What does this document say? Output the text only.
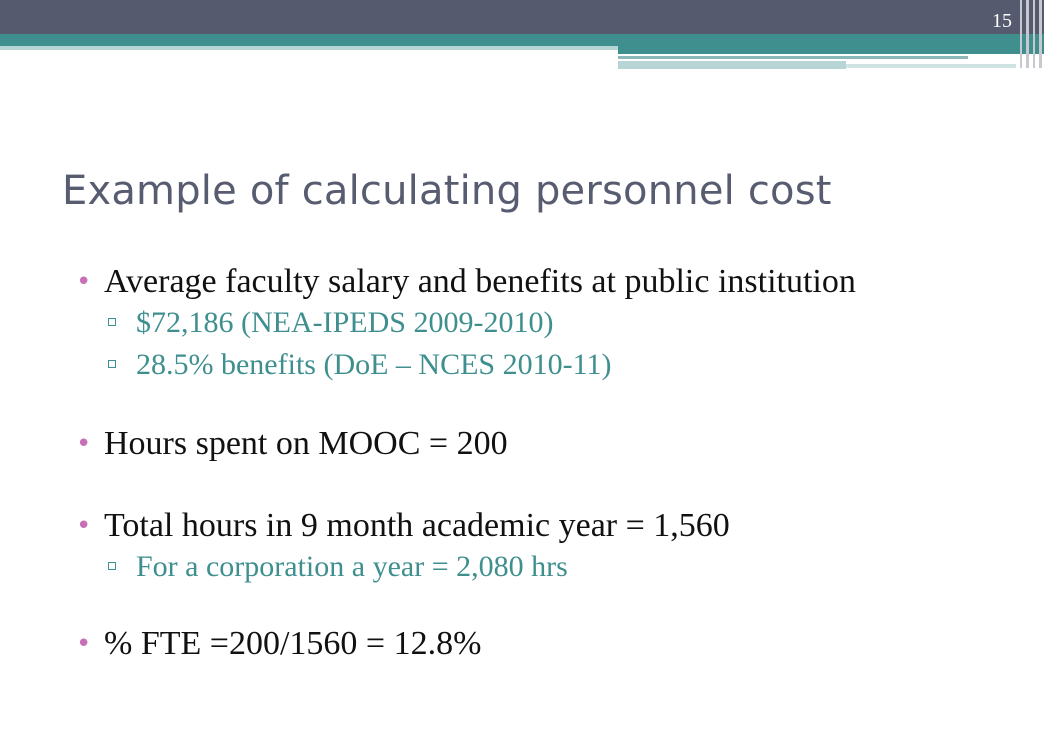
15
Example of calculating personnel cost
• Average faculty salary and benefits at public institution
$72,186 (NEA-IPEDS 2009-2010)
28.5% benefits (DoE – NCES 2010-11)
• Hours spent on MOOC = 200
• Total hours in 9 month academic year = 1,560
For a corporation a year = 2,080 hrs
• % FTE =200/1560 = 12.8%
